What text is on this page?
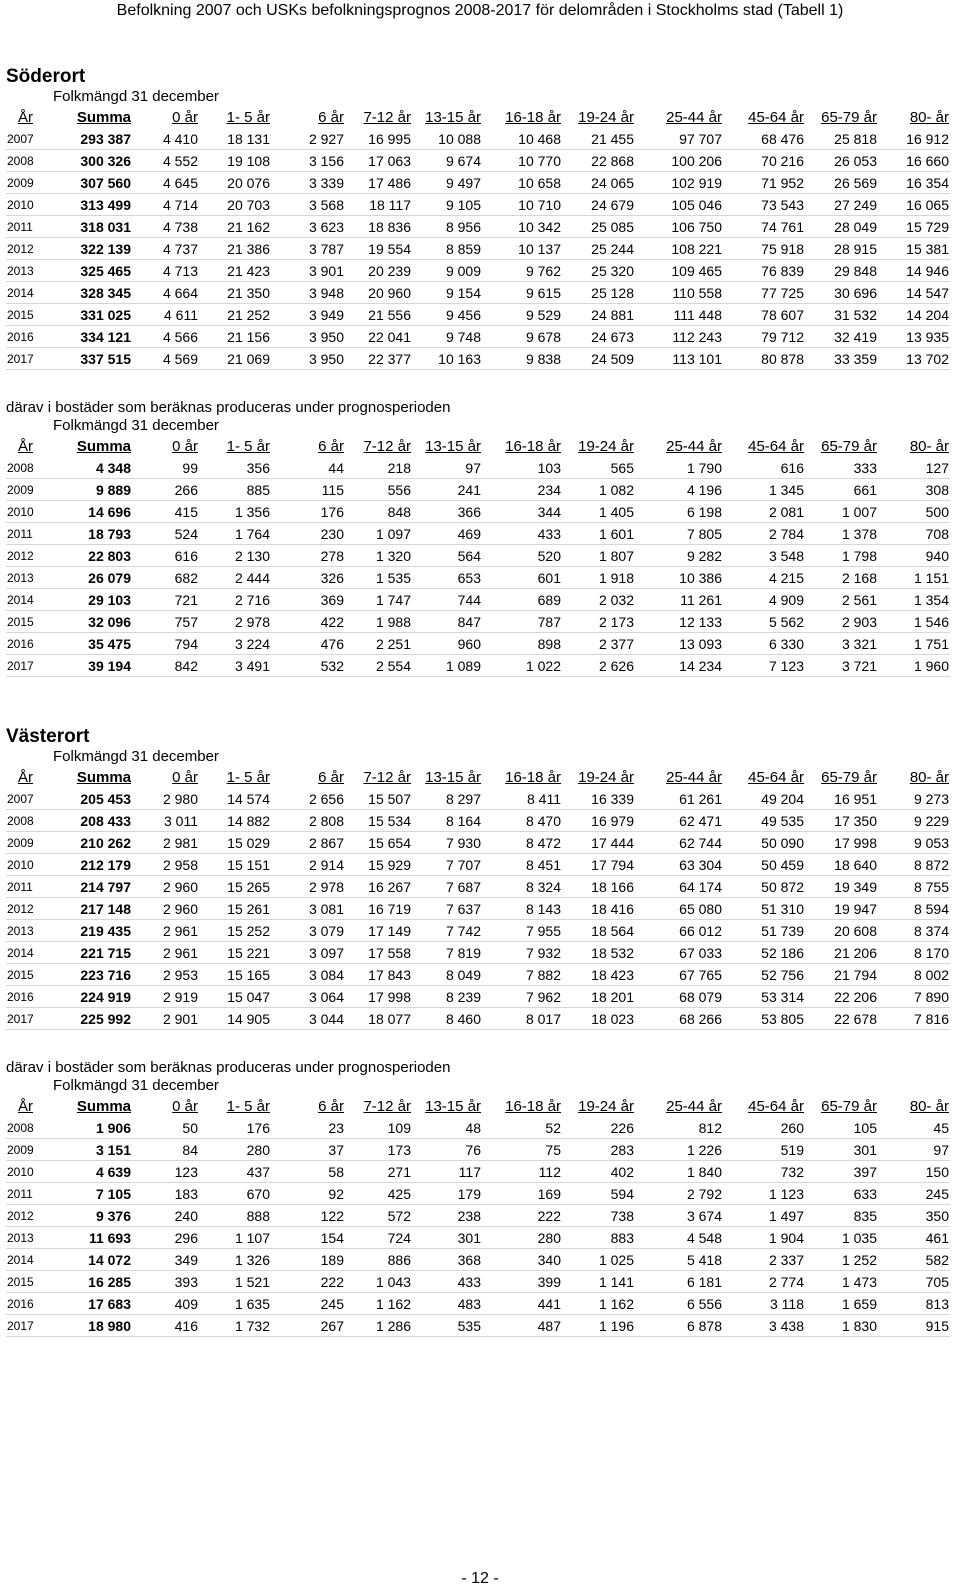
Befolkning 2007 och USKs befolkningsprognos 2008-2017 för delområden i Stockholms stad (Tabell 1)
Söderort
Folkmängd 31 december
År	Summa	0 år	1- 5 år	6 år	7-12 år	13-15 år	16-18 år	19-24 år	25-44 år	45-64 år	65-79 år	80- år
2007	293 387	4 410	18 131	2 927	16 995	10 088	10 468	21 455	97 707	68 476	25 818	16 912
2008	300 326	4 552	19 108	3 156	17 063	9 674	10 770	22 868	100 206	70 216	26 053	16 660
2009	307 560	4 645	20 076	3 339	17 486	9 497	10 658	24 065	102 919	71 952	26 569	16 354
2010	313 499	4 714	20 703	3 568	18 117	9 105	10 710	24 679	105 046	73 543	27 249	16 065
2011	318 031	4 738	21 162	3 623	18 836	8 956	10 342	25 085	106 750	74 761	28 049	15 729
2012	322 139	4 737	21 386	3 787	19 554	8 859	10 137	25 244	108 221	75 918	28 915	15 381
2013	325 465	4 713	21 423	3 901	20 239	9 009	9 762	25 320	109 465	76 839	29 848	14 946
2014	328 345	4 664	21 350	3 948	20 960	9 154	9 615	25 128	110 558	77 725	30 696	14 547
2015	331 025	4 611	21 252	3 949	21 556	9 456	9 529	24 881	111 448	78 607	31 532	14 204
2016	334 121	4 566	21 156	3 950	22 041	9 748	9 678	24 673	112 243	79 712	32 419	13 935
2017	337 515	4 569	21 069	3 950	22 377	10 163	9 838	24 509	113 101	80 878	33 359	13 702
därav i bostäder som beräknas produceras under prognosperioden
Folkmängd 31 december
År	Summa	0 år	1- 5 år	6 år	7-12 år	13-15 år	16-18 år	19-24 år	25-44 år	45-64 år	65-79 år	80- år
2008	4 348	99	356	44	218	97	103	565	1 790	616	333	127
2009	9 889	266	885	115	556	241	234	1 082	4 196	1 345	661	308
2010	14 696	415	1 356	176	848	366	344	1 405	6 198	2 081	1 007	500
2011	18 793	524	1 764	230	1 097	469	433	1 601	7 805	2 784	1 378	708
2012	22 803	616	2 130	278	1 320	564	520	1 807	9 282	3 548	1 798	940
2013	26 079	682	2 444	326	1 535	653	601	1 918	10 386	4 215	2 168	1 151
2014	29 103	721	2 716	369	1 747	744	689	2 032	11 261	4 909	2 561	1 354
2015	32 096	757	2 978	422	1 988	847	787	2 173	12 133	5 562	2 903	1 546
2016	35 475	794	3 224	476	2 251	960	898	2 377	13 093	6 330	3 321	1 751
2017	39 194	842	3 491	532	2 554	1 089	1 022	2 626	14 234	7 123	3 721	1 960
Västerort
Folkmängd 31 december
År	Summa	0 år	1- 5 år	6 år	7-12 år	13-15 år	16-18 år	19-24 år	25-44 år	45-64 år	65-79 år	80- år
2007	205 453	2 980	14 574	2 656	15 507	8 297	8 411	16 339	61 261	49 204	16 951	9 273
2008	208 433	3 011	14 882	2 808	15 534	8 164	8 470	16 979	62 471	49 535	17 350	9 229
2009	210 262	2 981	15 029	2 867	15 654	7 930	8 472	17 444	62 744	50 090	17 998	9 053
2010	212 179	2 958	15 151	2 914	15 929	7 707	8 451	17 794	63 304	50 459	18 640	8 872
2011	214 797	2 960	15 265	2 978	16 267	7 687	8 324	18 166	64 174	50 872	19 349	8 755
2012	217 148	2 960	15 261	3 081	16 719	7 637	8 143	18 416	65 080	51 310	19 947	8 594
2013	219 435	2 961	15 252	3 079	17 149	7 742	7 955	18 564	66 012	51 739	20 608	8 374
2014	221 715	2 961	15 221	3 097	17 558	7 819	7 932	18 532	67 033	52 186	21 206	8 170
2015	223 716	2 953	15 165	3 084	17 843	8 049	7 882	18 423	67 765	52 756	21 794	8 002
2016	224 919	2 919	15 047	3 064	17 998	8 239	7 962	18 201	68 079	53 314	22 206	7 890
2017	225 992	2 901	14 905	3 044	18 077	8 460	8 017	18 023	68 266	53 805	22 678	7 816
därav i bostäder som beräknas produceras under prognosperioden
Folkmängd 31 december
År	Summa	0 år	1- 5 år	6 år	7-12 år	13-15 år	16-18 år	19-24 år	25-44 år	45-64 år	65-79 år	80- år
2008	1 906	50	176	23	109	48	52	226	812	260	105	45
2009	3 151	84	280	37	173	76	75	283	1 226	519	301	97
2010	4 639	123	437	58	271	117	112	402	1 840	732	397	150
2011	7 105	183	670	92	425	179	169	594	2 792	1 123	633	245
2012	9 376	240	888	122	572	238	222	738	3 674	1 497	835	350
2013	11 693	296	1 107	154	724	301	280	883	4 548	1 904	1 035	461
2014	14 072	349	1 326	189	886	368	340	1 025	5 418	2 337	1 252	582
2015	16 285	393	1 521	222	1 043	433	399	1 141	6 181	2 774	1 473	705
2016	17 683	409	1 635	245	1 162	483	441	1 162	6 556	3 118	1 659	813
2017	18 980	416	1 732	267	1 286	535	487	1 196	6 878	3 438	1 830	915
- 12 -
